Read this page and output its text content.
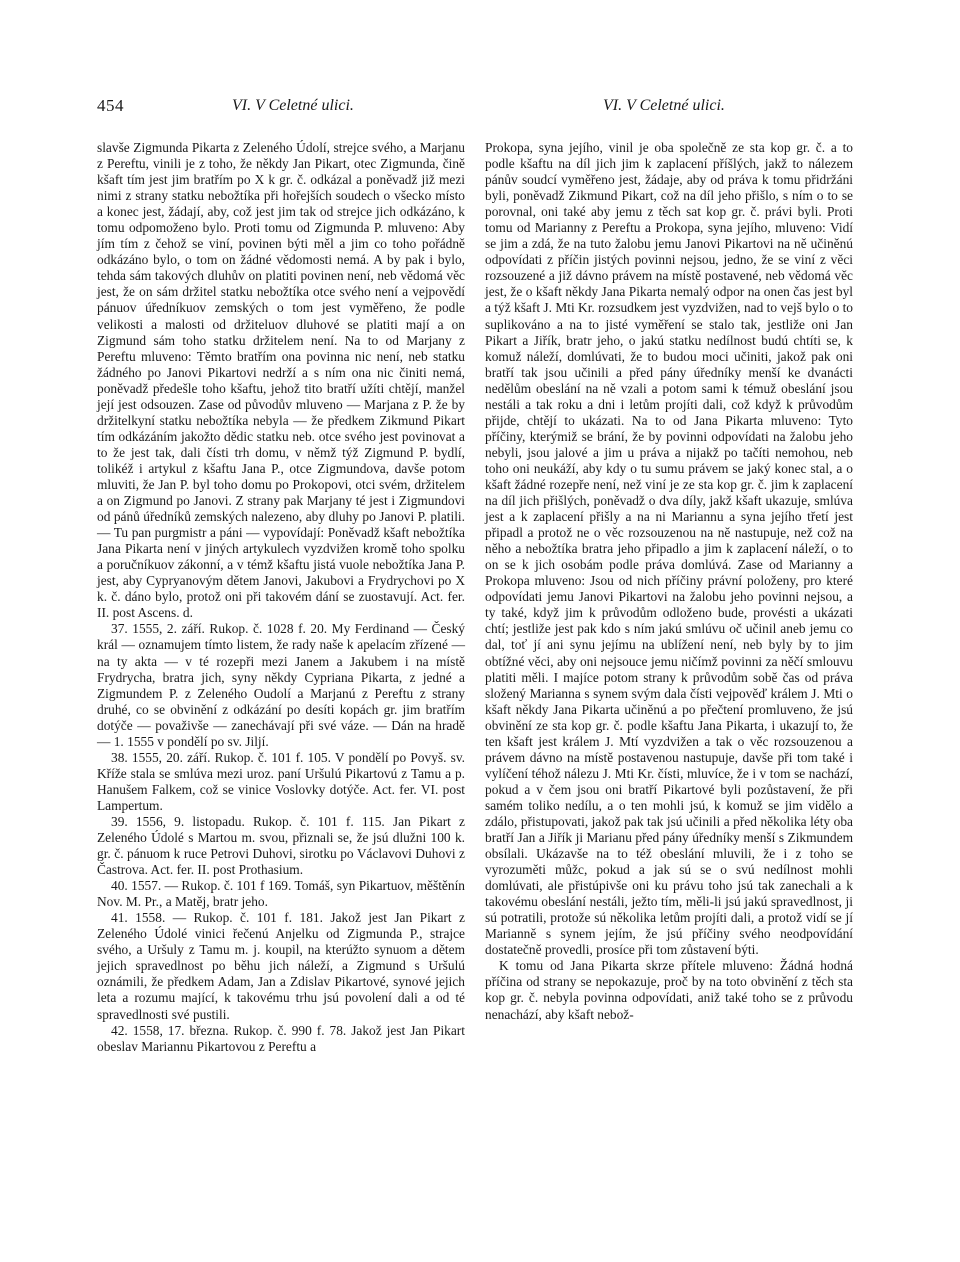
454	VI. V Celetné ulici.	VI. V Celetné ulici.

slavše Zigmunda Pikarta z Zeleného Údolí, strejce svého, a Marjanu z Pereftu, vinili je z toho, že někdy Jan Pikart, otec Zigmunda, čině kšaft tím jest jim bratřím po X k gr. č. odkázal a poněvadž již mezi nimi z strany statku nebožtíka při hořejších soudech o všecko místo a konec jest, žádají, aby, což jest jim tak od strejce jich odkázáno, k tomu odpomoženo bylo. Proti tomu od Zigmunda P. mluveno: Aby jím tím z čehož se viní, povinen býti měl a jim co toho pořádně odkázáno bylo, o tom on žádné vědomosti nemá. A by pak i bylo, tehda sám takových dluhův on platiti povinen není, neb vědomá věc jest, že on sám držitel statku nebožtíka otce svého není a vejpovědí pánuov úředníkuov zemských o tom jest vyměřeno, že podle velikosti a malosti od držiteluov dluhové se platiti mají a on Zigmund sám toho statku držitelem není. Na to od Marjany z Pereftu mluveno: Těmto bratřím ona povinna nic není, neb statku žádného po Janovi Pikartovi nedrží a s ním ona nic činiti nemá, poněvadž předešle toho kšaftu, jehož tito bratří užíti chtějí, manžel její jest odsouzen. Zase od původův mluveno — Marjana z P. že by držitelkyní statku nebožtíka nebyla — že předkem Zikmund Pikart tím odkázáním jakožto dědic statku neb. otce svého jest povinovat a to že jest tak, dali čísti trh domu, v němž týž Zigmund P. bydlí, tolikéž i artykul z kšaftu Jana P., otce Zigmundova, davše potom mluviti, že Jan P. byl toho domu po Prokopovi, otci svém, držitelem a on Zigmund po Janovi. Z strany pak Marjany té jest i Zigmundovi od pánů úředníků zemských nalezeno, aby dluhy po Janovi P. platili. — Tu pan purgmistr a páni — vypovídají: Poněvadž kšaft nebožtíka Jana Pikarta není v jiných artykulech vyzdvižen kromě toho spolku a poručníkuov zákonní, a v témž kšaftu jistá vuole nebožtíka Jana P. jest, aby Cypryanovým dětem Janovi, Jakubovi a Frydrychovi po X k. č. dáno bylo, protož oni při takovém dání se zuostavují. Act. fer. II. post Ascens. d.

37. 1555, 2. září. Rukop. č. 1028 f. 20. My Ferdinand — Český král — oznamujem tímto listem, že rady naše k apelacím zřízené — na ty akta — v té rozepři mezi Janem a Jakubem i na místě Frydrycha, bratra jich, syny někdy Cypriana Pikarta, z jedné a Zigmundem P. z Zeleného Oudolí a Marjanú z Pereftu z strany druhé, co se obvinění z odkázání po desíti kopách gr. jim bratřím dotýče — považivše — zanechávají při své váze. — Dán na hradě — 1. 1555 v pondělí po sv. Jiljí.

38. 1555, 20. září. Rukop. č. 101 f. 105. V pondělí po Povyš. sv. Kříže stala se smlúva mezi uroz. paní Uršulú Pikartovú z Tamu a p. Hanušem Falkem, což se vinice Voslovky dotýče. Act. fer. VI. post Lampertum.

39. 1556, 9. listopadu. Rukop. č. 101 f. 115. Jan Pikart z Zeleného Údolé s Martou m. svou, přiznali se, že jsú dlužni 100 k. gr. č. pánuom k ruce Petrovi Duhovi, sirotku po Václavovi Duhovi z Častrova. Act. fer. II. post Prothasium.

40. 1557. — Rukop. č. 101 f 169. Tomáš, syn Pikartuov, měštěnín Nov. M. Pr., a Matěj, bratr jeho.

41. 1558. — Rukop. č. 101 f. 181. Jakož jest Jan Pikart z Zeleného Údolé vinici řečenú Anjelku od Zigmunda P., strajce svého, a Uršuly z Tamu m. j. koupil, na kterúžto synuom a dětem jejich spravedlnost po běhu jich náleží, a Zigmund s Uršulú oznámili, že předkem Adam, Jan a Zdislav Pikartové, synové jejich leta a rozumu mající, k takovému trhu jsú povolení dali a od té spravedlnosti své pustili.

42. 1558, 17. března. Rukop. č. 990 f. 78. Jakož jest Jan Pikart obeslav Mariannu Pikartovou z Pereftu a

Prokopa, syna jejího, vinil je oba společně ze sta kop gr. č. a to podle kšaftu na díl jich jim k zaplacení příšlých, jakž to nálezem pánův soudcí vyměřeno jest, žádaje, aby od práva k tomu přidržáni byli, poněvadž Zikmund Pikart, což na díl jeho přišlo, s ním o to se porovnal, oni také aby jemu z těch sat kop gr. č. právi byli. Proti tomu od Marianny z Pereftu a Prokopa, syna jejího, mluveno: Vidí se jim a zdá, že na tuto žalobu jemu Janovi Pikartovi na ně učiněnú odpovídati z příčin jistých povinni nejsou, jedno, že se viní z věci rozsouzené a již dávno právem na místě postavené, neb vědomá věc jest, že o kšaft někdy Jana Pikarta nemalý odpor na onen čas jest byl a týž kšaft J. Mti Kr. rozsudkem jest vyzdvižen, nad to vejš bylo o to suplikováno a na to jisté vyměření se stalo tak, jestliže oni Jan Pikart a Jiřík, bratr jeho, o jakú statku nedílnost budú chtíti se, k komuž náleží, domlúvati, že to budou moci učiniti, jakož pak oni bratří tak jsou učinili a před pány úředníky menší ke dvanácti nedělům obeslání na ně vzali a potom sami k témuž obeslání jsou nestáli a tak roku a dni i letům projíti dali, což když k průvodům přijde, chtějí to ukázati. Na to od Jana Pikarta mluveno: Tyto příčiny, kterýmiž se brání, že by povinni odpovídati na žalobu jeho nebyli, jsou jalové a jim u práva a nijakž po tačíti nemohou, neb toho oni neukáží, aby kdy o tu sumu právem se jaký konec stal, a o kšaft žádné rozepře není, než viní je ze sta kop gr. č. jim k zaplacení na díl jich přišlých, poněvadž o dva díly, jakž kšaft ukazuje, smlúva jest a k zaplacení přišly a na ni Mariannu a syna jejího třetí jest připadl a protož ne o věc rozsouzenou na ně nastupuje, než což na něho a nebožtíka bratra jeho připadlo a jim k zaplacení náleží, o to on se k jich osobám podle práva domlúvá. Zase od Marianny a Prokopa mluveno: Jsou od nich příčiny právní položeny, pro které odpovídati jemu Janovi Pikartovi na žalobu jeho povinni nejsou, a ty také, když jim k průvodům odloženo bude, provésti a ukázati chtí; jestliže jest pak kdo s ním jakú smlúvu oč učinil aneb jemu co dal, toť jí ani synu jejímu na ublížení není, neb byly by to jim obtížné věci, aby oni nejsouce jemu ničímž povinni za něčí smlouvu platiti měli. I majíce potom strany k průvodům sobě čas od práva složený Marianna s synem svým dala čísti vejpověď králem J. Mti o kšaft někdy Jana Pikarta učiněnú a po přečtení promluveno, že jsú obvinění ze sta kop gr. č. podle kšaftu Jana Pikarta, i ukazují to, že ten kšaft jest králem J. Mtí vyzdvižen a tak o věc rozsouzenou a právem dávno na místě postavenou nastupuje, davše při tom také i vylíčení téhož nálezu J. Mti Kr. čísti, mluvíce, že i v tom se nachází, pokud a v čem jsou oni bratří Pikartové byli pozůstavení, že při samém toliko nedílu, a o ten mohli jsú, k komuž se jim vidělo a zdálo, přistupovati, jakož pak tak jsú učinili a před několika léty oba bratří Jan a Jiřík ji Marianu před pány úředníky menší s Zikmundem obsílali. Ukázavše na to též obeslání mluvili, že i z toho se vyrozuměti můžc, pokud a jak sú se o svú nedílnost mohli domlúvati, ale přistúpivše oni ku právu toho jsú tak zanechali a k takovému obeslání nestáli, ježto tím, měli-li jsú jakú spravedlnost, ji sú potratili, protože sú několika letům projíti dali, a protož vidí se jí Marianně s synem jejím, že jsú příčiny svého neodpovídání dostatečně provedli, prosíce při tom zůstavení býti.

K tomu od Jana Pikarta skrze přítele mluveno: Žádná hodná příčina od strany se nepokazuje, proč by na toto obvinění z těch sta kop gr. č. nebyla povinna odpovídati, aniž také toho se z průvodu nenachází, aby kšaft nebož-
